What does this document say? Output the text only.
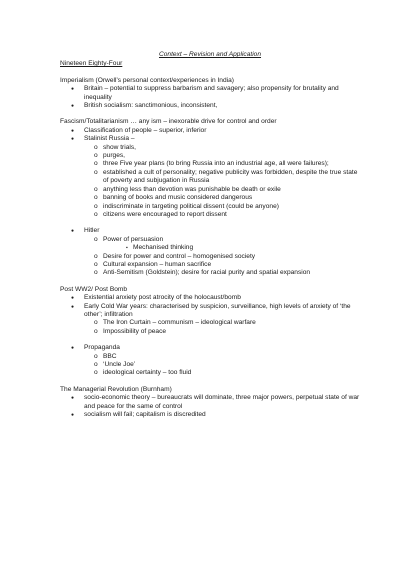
Context – Revision and Application
Nineteen Eighty-Four
Imperialism (Orwell’s personal context/experiences in India)
● Britain – potential to suppress barbarism and savagery; also propensity for brutality and inequality
● British socialism: sanctimonious, inconsistent,
Fascism/Totalitarianism … any ism – inexorable drive for control and order
● Classification of people – superior, inferior
● Stalinist Russia –
o show trials,
o purges,
o three Five year plans (to bring Russia into an industrial age, all were failures);
o established a cult of personality; negative publicity was forbidden, despite the true state of poverty and subjugation in Russia
o anything less than devotion was punishable be death or exile
o banning of books and music considered dangerous
o indiscriminate in targeting political dissent (could be anyone)
o citizens were encouraged to report dissent
● Hitler
o Power of persuasion
▪ Mechanised thinking
o Desire for power and control – homogenised society
o Cultural expansion – human sacrifice
o Anti-Semitism (Goldstein); desire for racial purity and spatial expansion
Post WW2/ Post Bomb
● Existential anxiety post atrocity of the holocaust/bomb
● Early Cold War years: characterised by suspicion, surveillance, high levels of anxiety of ‘the other’; infiltration
o The Iron Curtain – communism – ideological warfare
o Impossibility of peace
● Propaganda
o BBC
o ‘Uncle Joe’
o ideological certainty – too fluid
The Managerial Revolution (Burnham)
● socio-economic theory – bureaucrats will dominate, three major powers, perpetual state of war and peace for the same of control
● socialism will fail; capitalism is discredited
